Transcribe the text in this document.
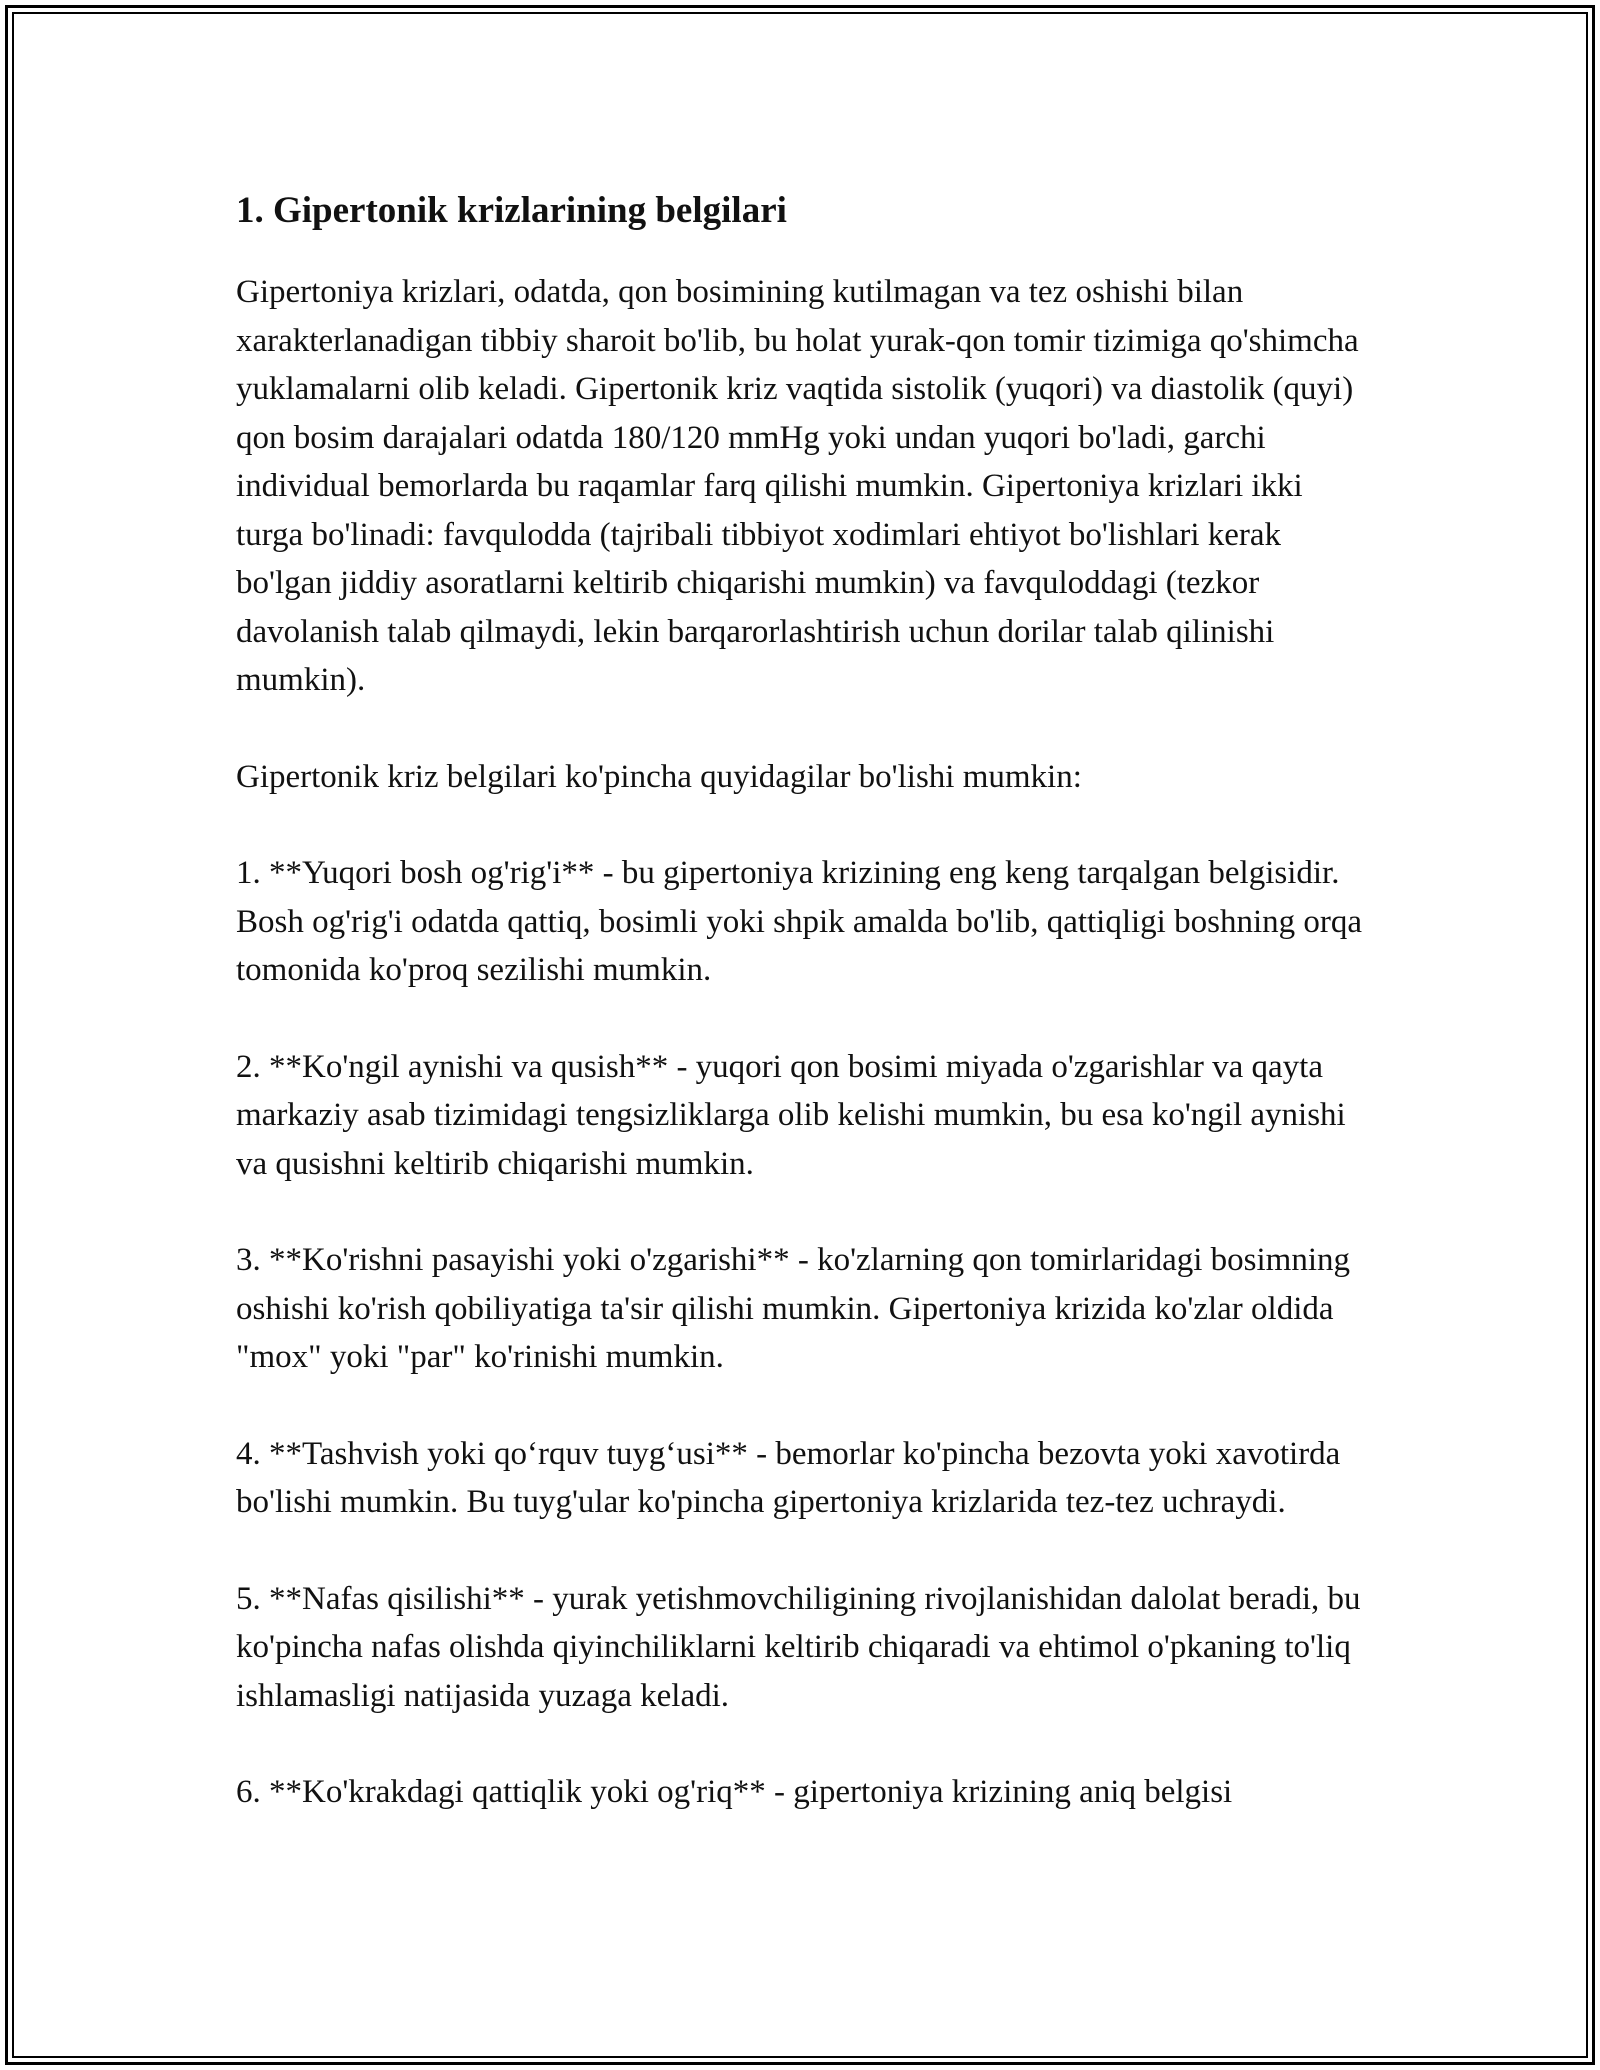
1. Gipertonik krizlarining belgilari

Gipertoniya krizlari, odatda, qon bosimining kutilmagan va tez oshishi bilan xarakterlanadigan tibbiy sharoit bo'lib, bu holat yurak-qon tomir tizimiga qo'shimcha yuklamalarni olib keladi. Gipertonik kriz vaqtida sistolik (yuqori) va diastolik (quyi) qon bosim darajalari odatda 180/120 mmHg yoki undan yuqori bo'ladi, garchi individual bemorlarda bu raqamlar farq qilishi mumkin. Gipertoniya krizlari ikki turga bo'linadi: favqulodda (tajribali tibbiyot xodimlari ehtiyot bo'lishlari kerak bo'lgan jiddiy asoratlarni keltirib chiqarishi mumkin) va favquloddagi (tezkor davolanish talab qilmaydi, lekin barqarorlashtirish uchun dorilar talab qilinishi mumkin).

Gipertonik kriz belgilari ko'pincha quyidagilar bo'lishi mumkin:

1. **Yuqori bosh og'rig'i** - bu gipertoniya krizining eng keng tarqalgan belgisidir. Bosh og'rig'i odatda qattiq, bosimli yoki shpik amalda bo'lib, qattiqligi boshning orqa tomonida ko'proq sezilishi mumkin.

2. **Ko'ngil aynishi va qusish** - yuqori qon bosimi miyada o'zgarishlar va qayta markaziy asab tizimidagi tengsizliklarga olib kelishi mumkin, bu esa ko'ngil aynishi va qusishni keltirib chiqarishi mumkin.

3. **Ko'rishni pasayishi yoki o'zgarishi** - ko'zlarning qon tomirlaridagi bosimning oshishi ko'rish qobiliyatiga ta'sir qilishi mumkin. Gipertoniya krizida ko'zlar oldida "mox" yoki "par" ko'rinishi mumkin.

4. **Tashvish yoki qo‘rquv tuyg‘usi** - bemorlar ko'pincha bezovta yoki xavotirda bo'lishi mumkin. Bu tuyg'ular ko'pincha gipertoniya krizlarida tez-tez uchraydi.

5. **Nafas qisilishi** - yurak yetishmovchiligining rivojlanishidan dalolat beradi, bu ko'pincha nafas olishda qiyinchiliklarni keltirib chiqaradi va ehtimol o'pkaning to'liq ishlamasligi natijasida yuzaga keladi.

6. **Ko'krakdagi qattiqlik yoki og'riq** - gipertoniya krizining aniq belgisi
